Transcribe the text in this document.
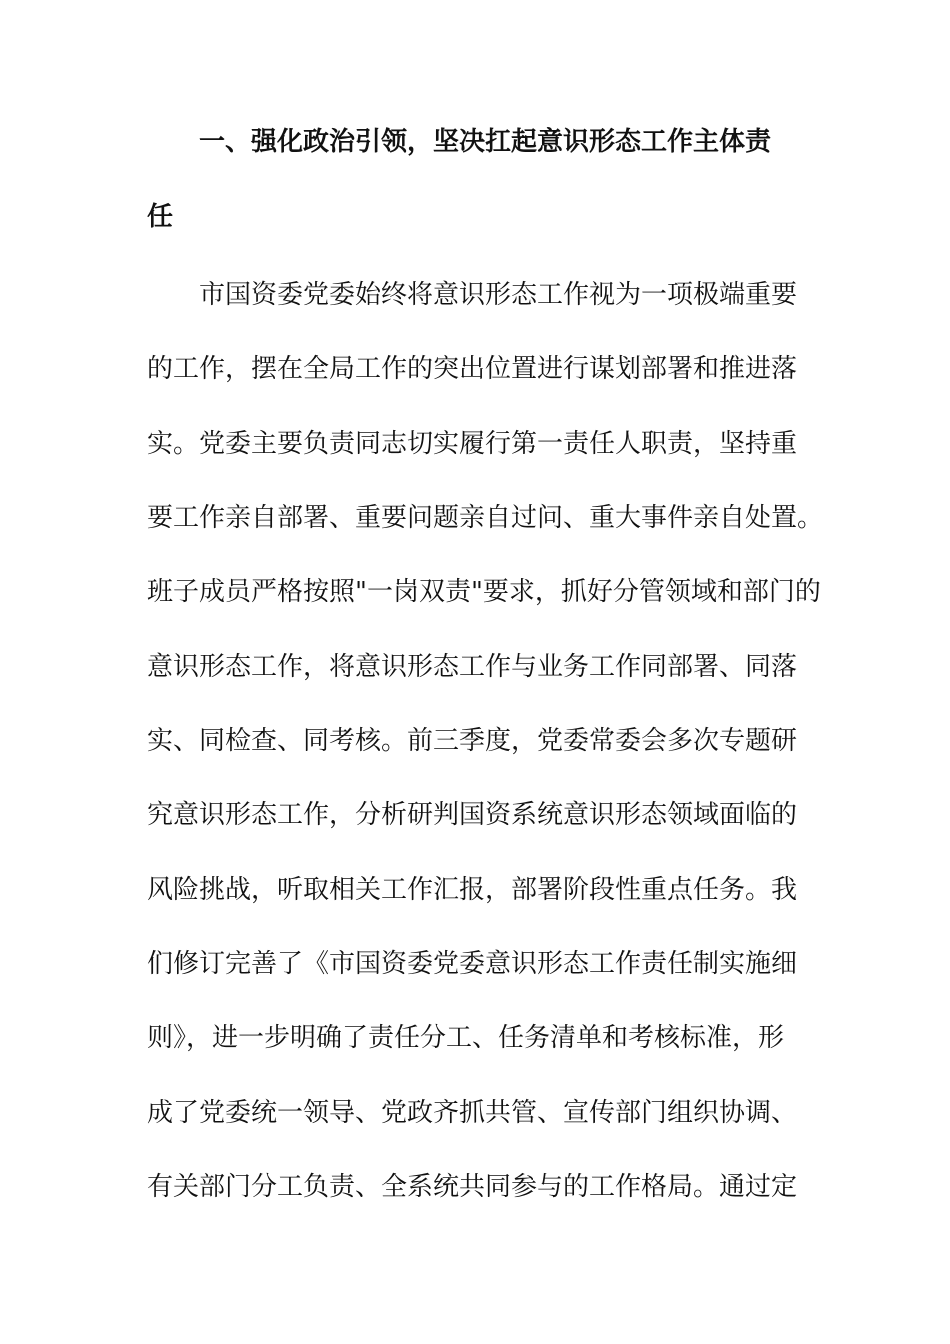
一、强化政治引领，坚决扛起意识形态工作主体责
任
市国资委党委始终将意识形态工作视为一项极端重要
的工作，摆在全局工作的突出位置进行谋划部署和推进落
实。党委主要负责同志切实履行第一责任人职责，坚持重
要工作亲自部署、重要问题亲自过问、重大事件亲自处置。
班子成员严格按照"一岗双责"要求，抓好分管领域和部门的
意识形态工作，将意识形态工作与业务工作同部署、同落
实、同检查、同考核。前三季度，党委常委会多次专题研
究意识形态工作，分析研判国资系统意识形态领域面临的
风险挑战，听取相关工作汇报，部署阶段性重点任务。我
们修订完善了《市国资委党委意识形态工作责任制实施细
则》，进一步明确了责任分工、任务清单和考核标准，形
成了党委统一领导、党政齐抓共管、宣传部门组织协调、
有关部门分工负责、全系统共同参与的工作格局。通过定
